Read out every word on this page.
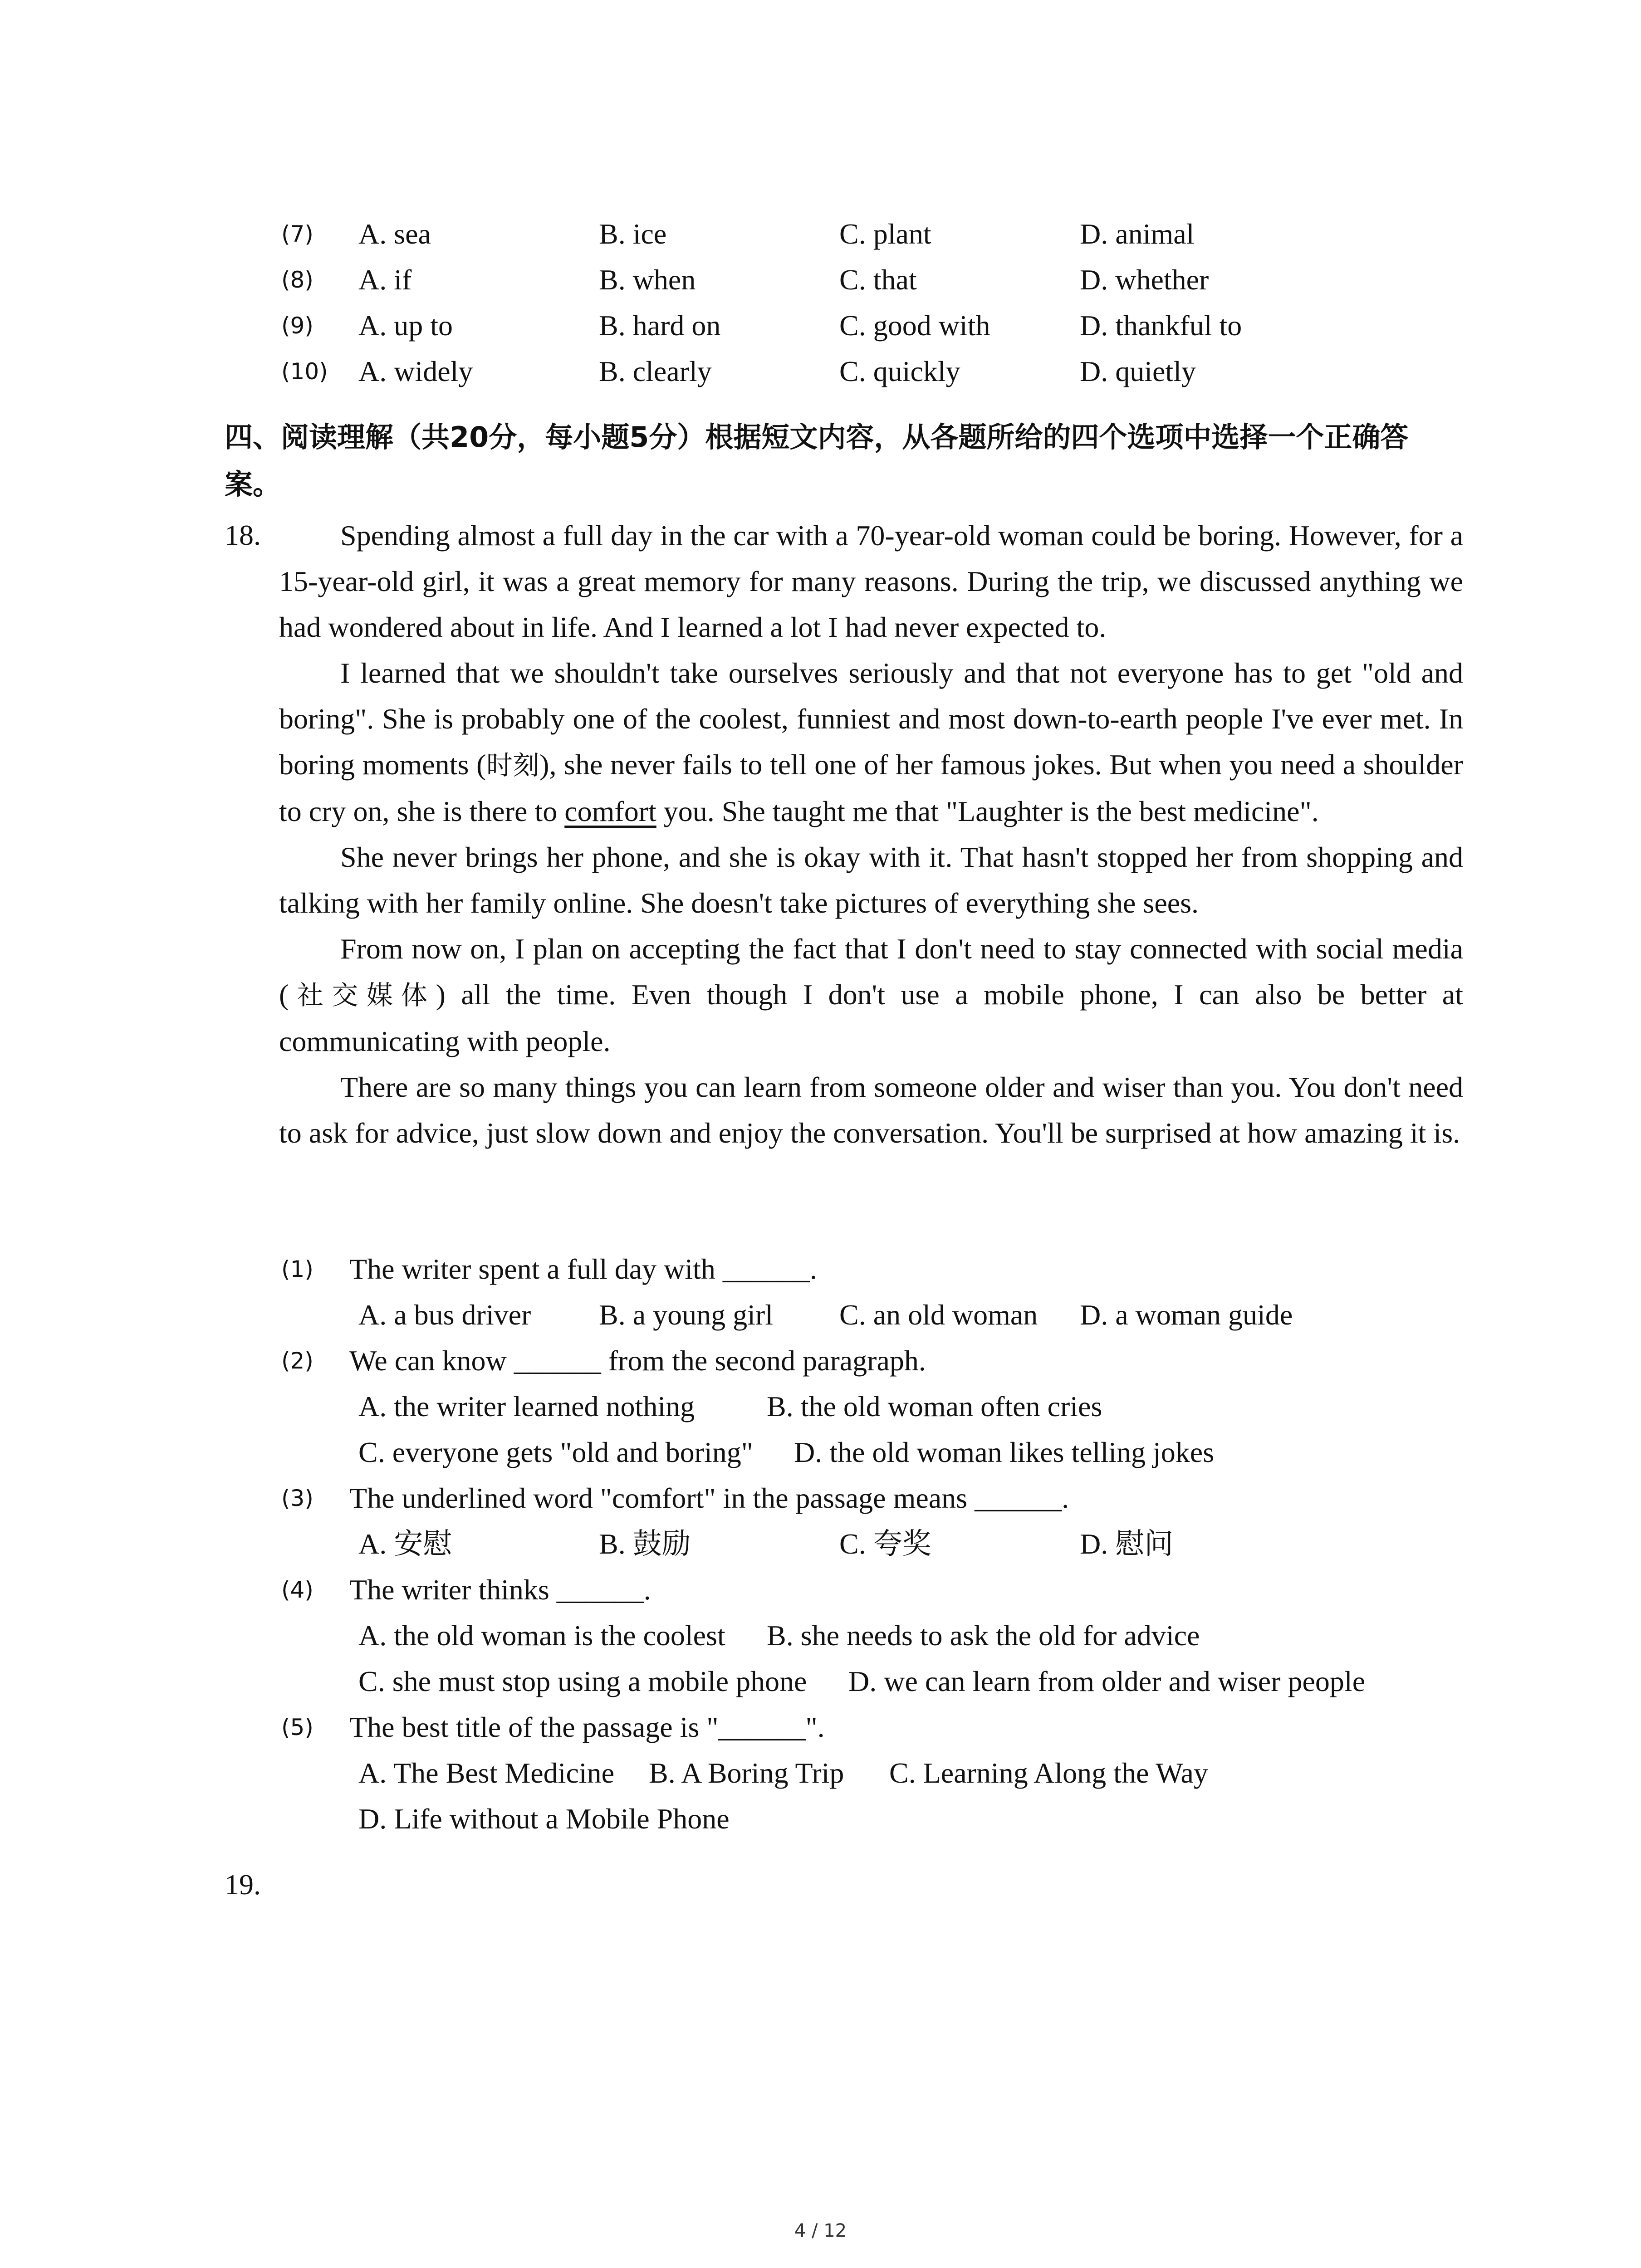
(7) A. sea	B. ice	C. plant	D. animal
(8) A. if	B. when	C. that	D. whether
(9) A. up to	B. hard on	C. good with	D. thankful to
(10) A. widely	B. clearly	C. quickly	D. quietly
四、阅读理解（共20分，每小题5分）根据短文内容，从各题所给的四个选项中选择一个正确答案。
18.	Spending almost a full day in the car with a 70-year-old woman could be boring. However, for a 15-year-old girl, it was a great memory for many reasons. During the trip, we discussed anything we had wondered about in life. And I learned a lot I had never expected to.

I learned that we shouldn't take ourselves seriously and that not everyone has to get "old and boring". She is probably one of the coolest, funniest and most down-to-earth people I've ever met. In boring moments (时刻), she never fails to tell one of her famous jokes. But when you need a shoulder to cry on, she is there to comfort you. She taught me that "Laughter is the best medicine".

She never brings her phone, and she is okay with it. That hasn't stopped her from shopping and talking with her family online. She doesn't take pictures of everything she sees.

From now on, I plan on accepting the fact that I don't need to stay connected with social media (社交媒体) all the time. Even though I don't use a mobile phone, I can also be better at communicating with people.

There are so many things you can learn from someone older and wiser than you. You don't need to ask for advice, just slow down and enjoy the conversation. You'll be surprised at how amazing it is.

(1) The writer spent a full day with ______.
A. a bus driver B. a young girl C. an old woman D. a woman guide
(2) We can know ______ from the second paragraph.
A. the writer learned nothing B. the old woman often cries
C. everyone gets "old and boring" D. the old woman likes telling jokes
(3) The underlined word "comfort" in the passage means ______.
A. 安慰	B. 鼓励	C. 夸奖	D. 慰问
(4) The writer thinks ______.
A. the old woman is the coolest B. she needs to ask the old for advice
C. she must stop using a mobile phone D. we can learn from older and wiser people
(5) The best title of the passage is "______".
A. The Best Medicine B. A Boring Trip C. Learning Along the Way
D. Life without a Mobile Phone
19.
4 / 12
